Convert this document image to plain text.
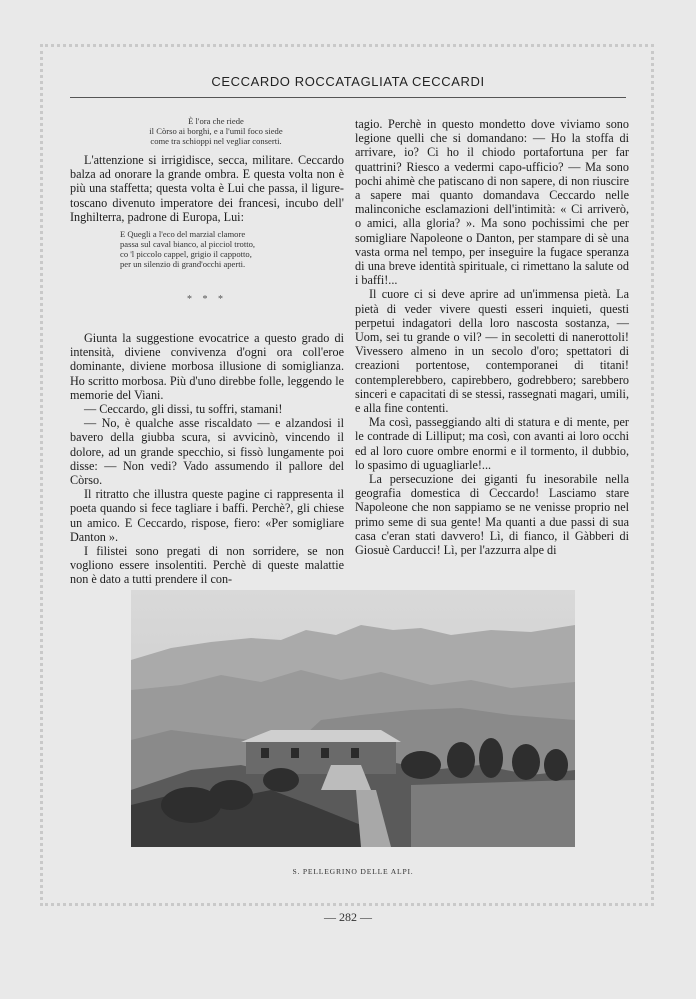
CECCARDO ROCCATAGLIATA CECCARDI
È l'ora che riede
il Còrso ai borghi, e a l'umil foco siede
come tra schioppi nel vegliar conserti.

L'attenzione si irrigidisce, secca, militare. Ceccardo balza ad onorare la grande ombra. E questa volta non è più una staffetta; questa volta è Lui che passa, il ligure-toscano divenuto imperatore dei francesi, incubo dell' Inghilterra, padrone di Europa, Lui:

E Quegli a l'eco del marzial clamore
passa sul caval bianco, al picciol trotto,
co 'l piccolo cappel, grigio il cappotto,
per un silenzio di grand'occhi aperti.
* * *

Giunta la suggestione evocatrice a questo grado di intensità, diviene convivenza d'ogni ora coll'eroe dominante, diviene morbosa illusione di somiglianza. Ho scritto morbosa. Più d'uno direbbe folle, leggendo le memorie del Viani.

— Ceccardo, gli dissi, tu soffri, stamani!

— No, è qualche asse riscaldato — e alzandosi il bavero della giubba scura, si avvicinò, vincendo il dolore, ad un grande specchio, si fissò lungamente poi disse: — Non vedi? Vado assumendo il pallore del Còrso.

Il ritratto che illustra queste pagine ci rappresenta il poeta quando si fece tagliare i baffi. Perchè?, gli chiese un amico. E Ceccardo, rispose, fiero: «Per somigliare Danton ».

I filistei sono pregati di non sorridere, se non vogliono essere insolentiti. Perchè di queste malattie non è dato a tutti prendere il con-

tagio. Perchè in questo mondetto dove viviamo sono legione quelli che si domandano: — Ho la stoffa di arrivare, io? Ci ho il chiodo portafortuna per far quattrini? Riesco a vedermi capo-ufficio? — Ma sono pochi ahimè che patiscano di non sapere, di non riuscire a sapere mai quanto domandava Ceccardo nelle malinconiche esclamazioni dell'intimità: « Ci arriverò, o amici, alla gloria? ». Ma sono pochissimi che per somigliare Napoleone o Danton, per stampare di sè una vasta orma nel tempo, per inseguire la fugace speranza di una breve identità spirituale, ci rimettano la salute od i baffi!...

Il cuore ci si deve aprire ad un'immensa pietà. La pietà di veder vivere questi esseri inquieti, questi perpetui indagatori della loro nascosta sostanza, — Uom, sei tu grande o vil? — in secoletti di nanerottoli! Vivessero almeno in un secolo d'oro; spettatori di creazioni portentose, contemporanei di titani! contemplerebbero, capirebbero, godrebbero; sarebbero sinceri e capacitati di se stessi, rassegnati magari, umili, e alla fine contenti.

Ma così, passeggiando alti di statura e di mente, per le contrade di Lilliput; ma così, con avanti ai loro occhi ed al loro cuore ombre enormi e il tormento, il dubbio, lo spasimo di uguagliarle!...

La persecuzione dei giganti fu inesorabile nella geografia domestica di Ceccardo! Lasciamo stare Napoleone che non sappiamo se ne venisse proprio nel primo seme di sua gente! Ma quanti a due passi di sua casa c'eran stati davvero! Lì, di fianco, il Gàbberi di Giosuè Carducci! Lì, per l'azzurra alpe di

S. PELLEGRINO DELLE ALPI.
— 282 —
